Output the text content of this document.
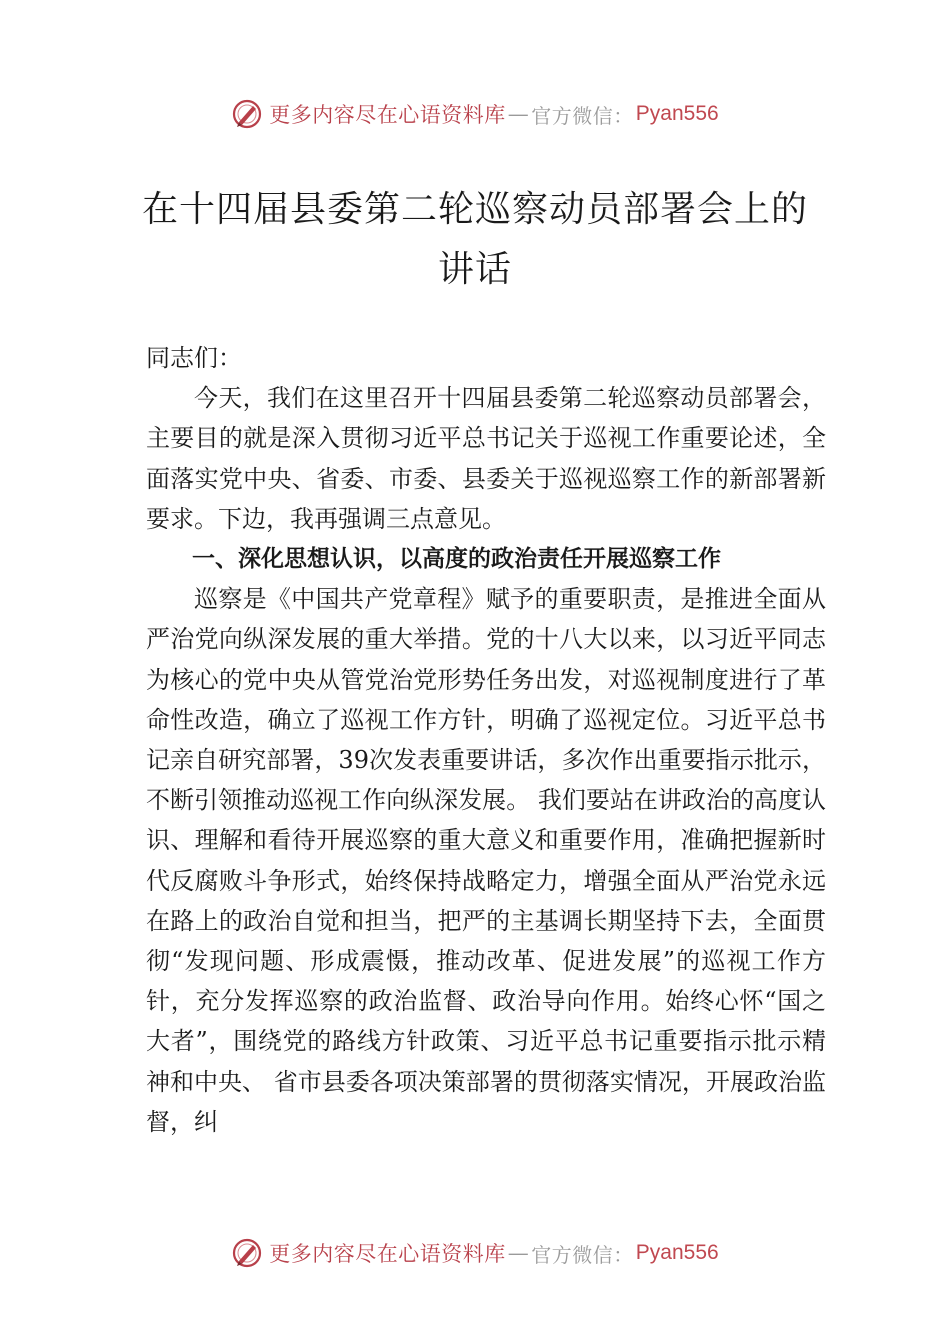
更多内容尽在心语资料库 — 官方微信： Pyan556
在十四届县委第二轮巡察动员部署会上的讲话

同志们：

今天，我们在这里召开十四届县委第二轮巡察动员部署会，主要目的就是深入贯彻习近平总书记关于巡视工作重要论述，全面落实党中央、省委、市委、县委关于巡视巡察工作的新部署新要求。下边，我再强调三点意见。

一、深化思想认识，以高度的政治责任开展巡察工作

巡察是《中国共产党章程》赋予的重要职责，是推进全面从严治党向纵深发展的重大举措。党的十八大以来，以习近平同志为核心的党中央从管党治党形势任务出发，对巡视制度进行了革命性改造，确立了巡视工作方针，明确了巡视定位。习近平总书记亲自研究部署，39次发表重要讲话，多次作出重要指示批示，不断引领推动巡视工作向纵深发展。 我们要站在讲政治的高度认识、理解和看待开展巡察的重大意义和重要作用，准确把握新时代反腐败斗争形式，始终保持战略定力，增强全面从严治党永远在路上的政治自觉和担当，把严的主基调长期坚持下去，全面贯彻“发现问题、形成震慑，推动改革、促进发展”的巡视工作方针，充分发挥巡察的政治监督、政治导向作用。始终心怀“国之大者”，围绕党的路线方针政策、习近平总书记重要指示批示精神和中央、 省市县委各项决策部署的贯彻落实情况，开展政治监督，纠

更多内容尽在心语资料库 — 官方微信： Pyan556
